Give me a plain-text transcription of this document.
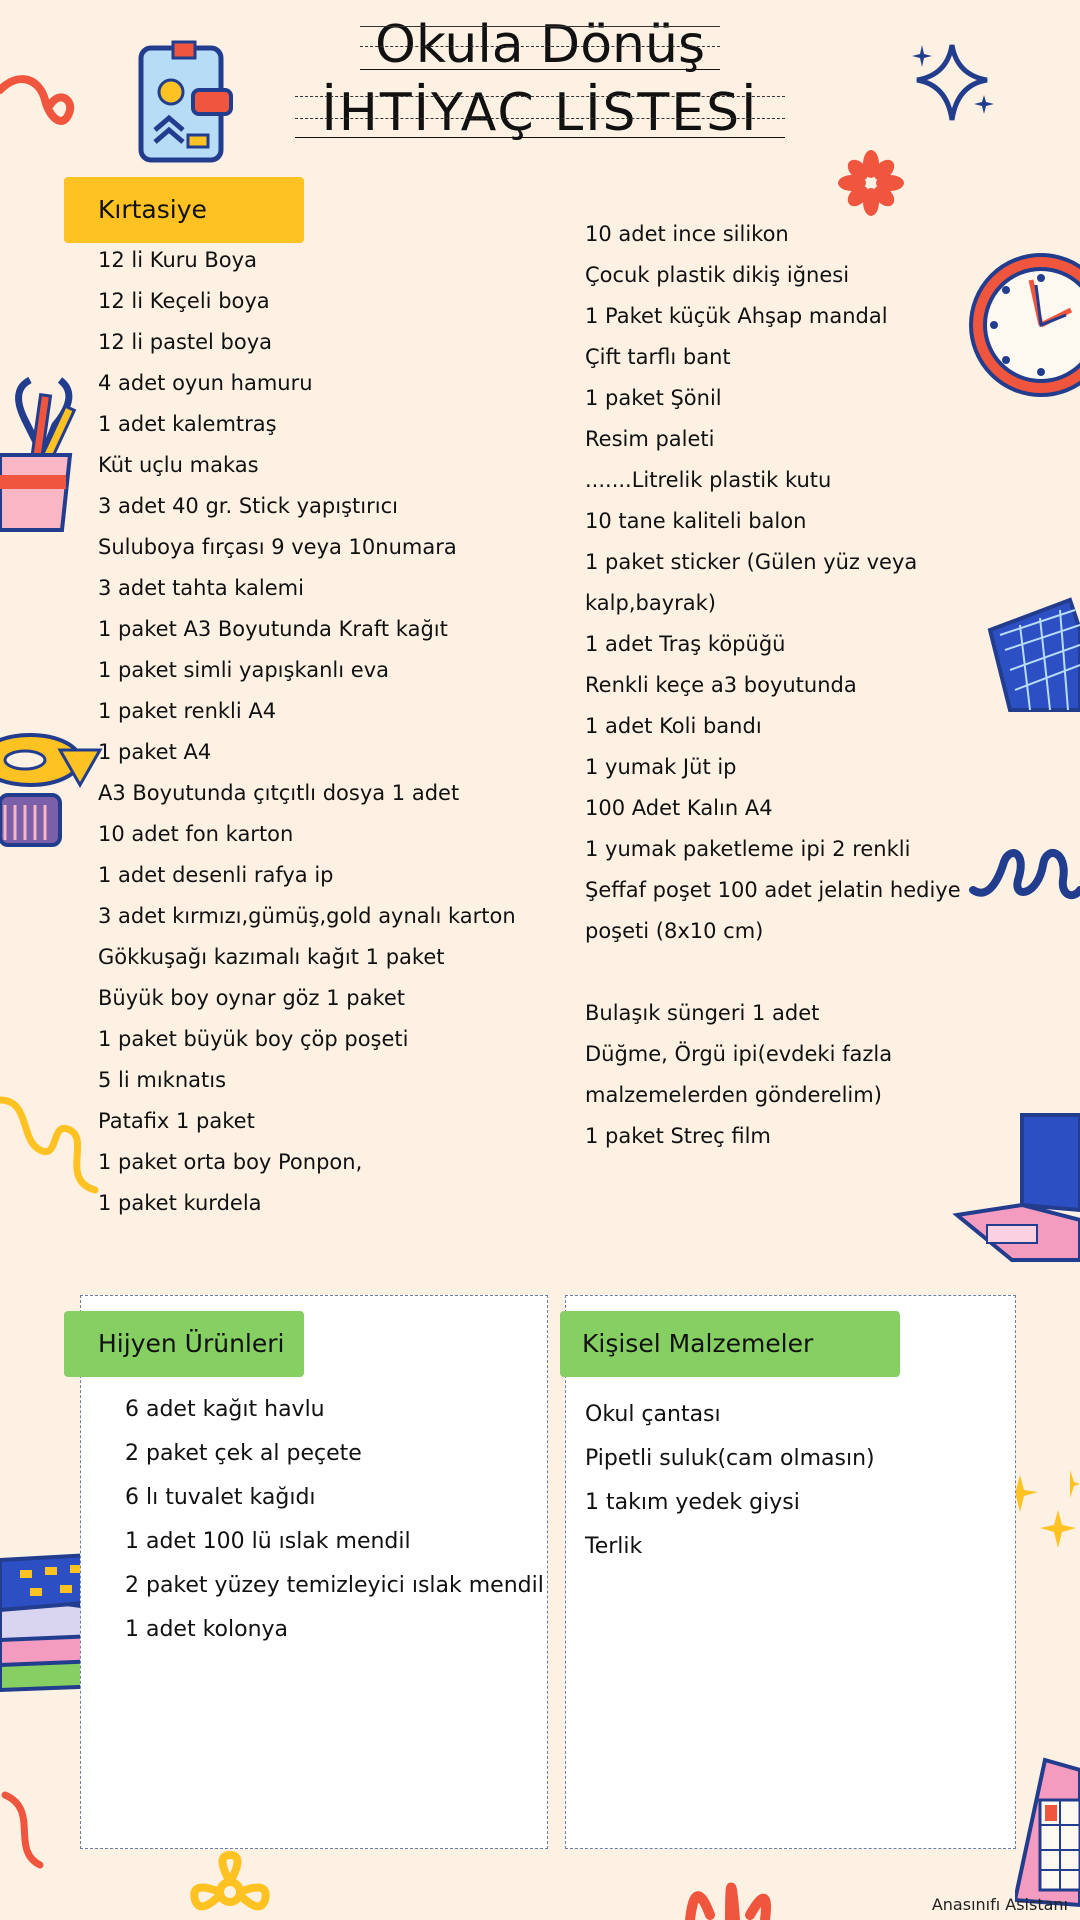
Okula Dönüş
İHTİYAÇ LİSTESİ
Kırtasiye
12 li Kuru Boya
12 li Keçeli boya
12 li pastel boya
4 adet oyun hamuru
1 adet kalemtraş
Küt uçlu makas
3 adet 40 gr. Stick yapıştırıcı
Suluboya fırçası 9 veya 10numara
3 adet tahta kalemi
1 paket A3 Boyutunda Kraft kağıt
1 paket simli yapışkanlı eva
1 paket renkli A4
1 paket A4
A3 Boyutunda çıtçıtlı dosya 1 adet
10 adet fon karton
1 adet desenli rafya ip
3 adet kırmızı,gümüş,gold aynalı karton
Gökkuşağı kazımalı kağıt 1 paket
Büyük boy oynar göz 1 paket
1 paket büyük boy çöp poşeti
5 li mıknatıs
Patafix 1 paket
1 paket orta boy Ponpon,
1 paket kurdela
10 adet ince silikon
Çocuk plastik dikiş iğnesi
1 Paket küçük Ahşap mandal
Çift tarflı bant
1 paket Şönil
Resim paleti
.......Litrelik plastik kutu
10 tane kaliteli balon
1 paket sticker (Gülen yüz veya
kalp,bayrak)
1 adet Traş köpüğü
Renkli keçe a3 boyutunda
1 adet Koli bandı
1 yumak Jüt ip
100 Adet Kalın A4
1 yumak paketleme ipi 2 renkli
Şeffaf poşet 100 adet jelatin hediye
poşeti (8x10 cm)
Bulaşık süngeri 1 adet
Düğme, Örgü ipi(evdeki fazla
malzemelerden gönderelim)
1 paket Streç film
Hijyen Ürünleri
6 adet kağıt havlu
2 paket çek al peçete
6 lı tuvalet kağıdı
1 adet 100 lü ıslak mendil
2 paket yüzey temizleyici ıslak mendil
1 adet kolonya
Kişisel Malzemeler
Okul çantası
Pipetli suluk(cam olmasın)
1 takım yedek giysi
Terlik
Anasınıfı Asistanı
